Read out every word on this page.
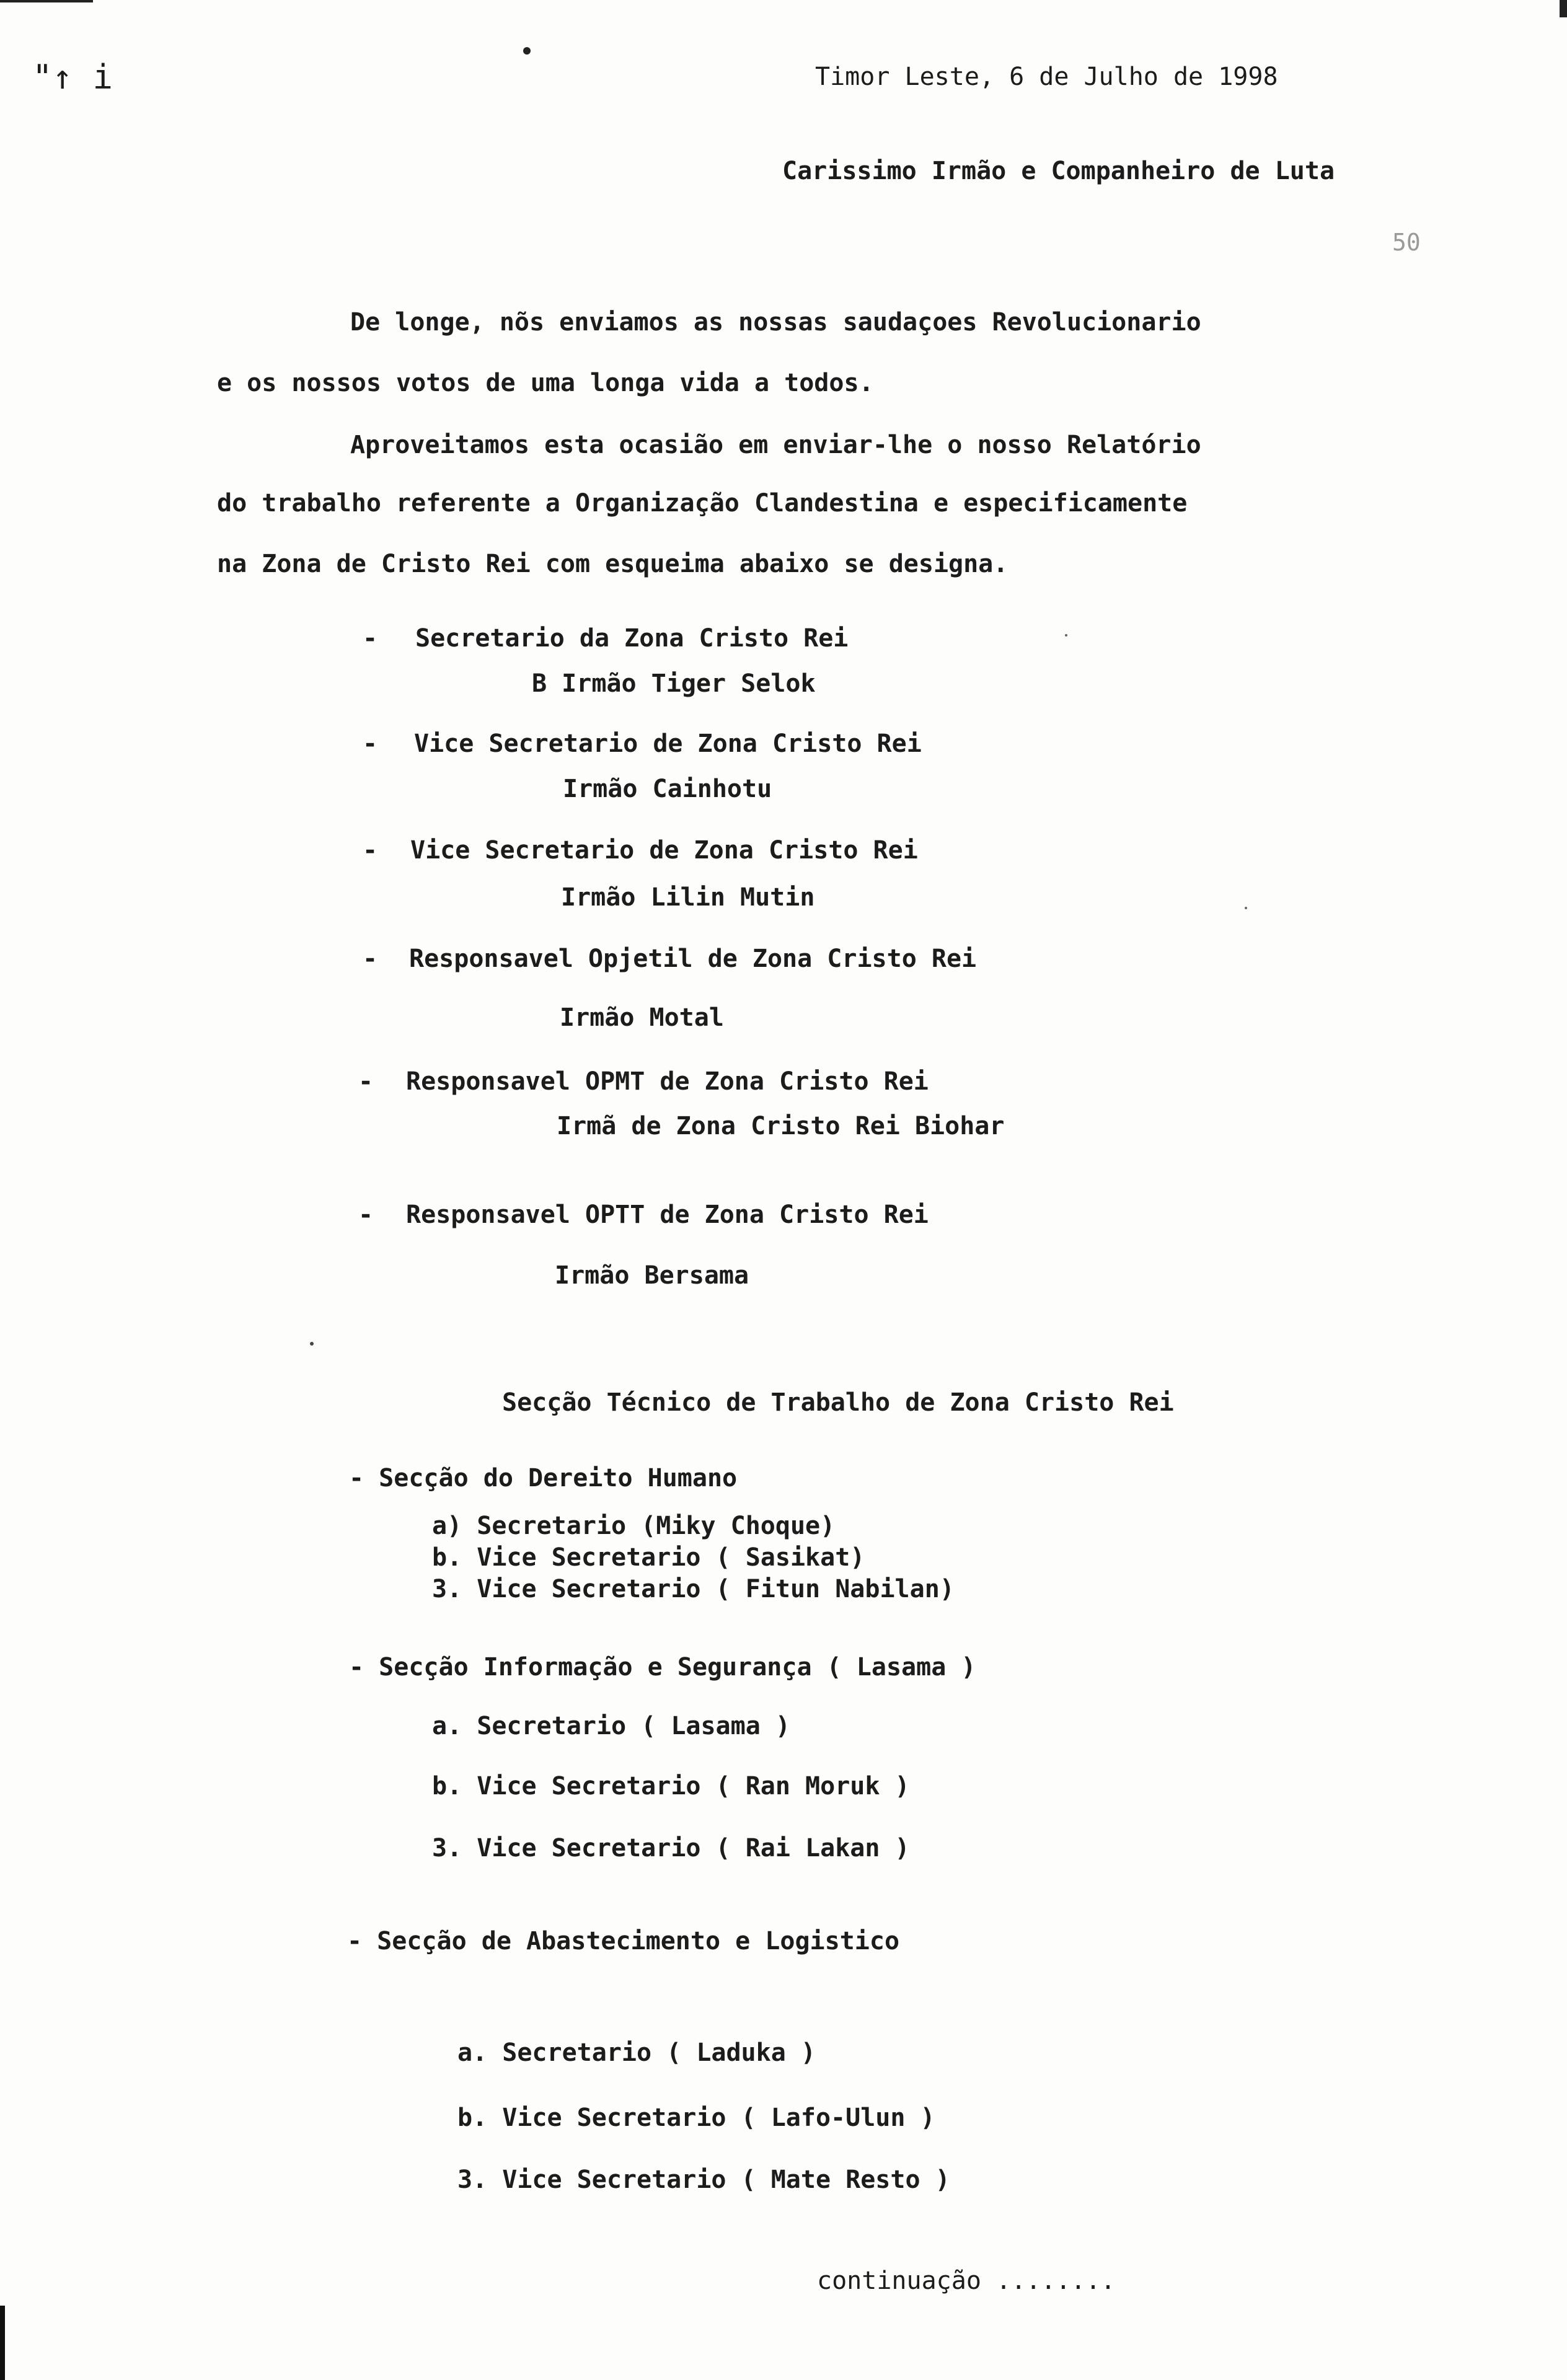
"↑ i	Timor Leste, 6 de Julho de 1998
Carissimo Irmão e Companheiro de Luta
50
De longe, nõs enviamos as nossas saudaçoes Revolucionario
e os nossos votos de uma longa vida a todos.
Aproveitamos esta ocasião em enviar-lhe o nosso Relatório
do trabalho referente a Organização Clandestina e especificamente
na Zona de Cristo Rei com esqueima abaixo se designa.
- Secretario da Zona Cristo Rei
B Irmão Tiger Selok
- Vice Secretario de Zona Cristo Rei
Irmão Cainhotu
- Vice Secretario de Zona Cristo Rei
Irmão Lilin Mutin
- Responsavel Opjetil de Zona Cristo Rei
Irmão Motal
- Responsavel OPMT de Zona Cristo Rei
Irmã de Zona Cristo Rei Biohar
- Responsavel OPTT de Zona Cristo Rei
Irmão Bersama
Secção Técnico de Trabalho de Zona Cristo Rei
- Secção do Dereito Humano
a) Secretario (Miky Choque)
b. Vice Secretario ( Sasikat)
3. Vice Secretario ( Fitun Nabilan)
- Secção Informação e Segurança ( Lasama )
a. Secretario ( Lasama )
b. Vice Secretario ( Ran Moruk )
3. Vice Secretario ( Rai Lakan )
- Secção de Abastecimento e Logistico
a. Secretario ( Laduka )
b. Vice Secretario ( Lafo-Ulun )
3. Vice Secretario ( Mate Resto )
continuação ........
